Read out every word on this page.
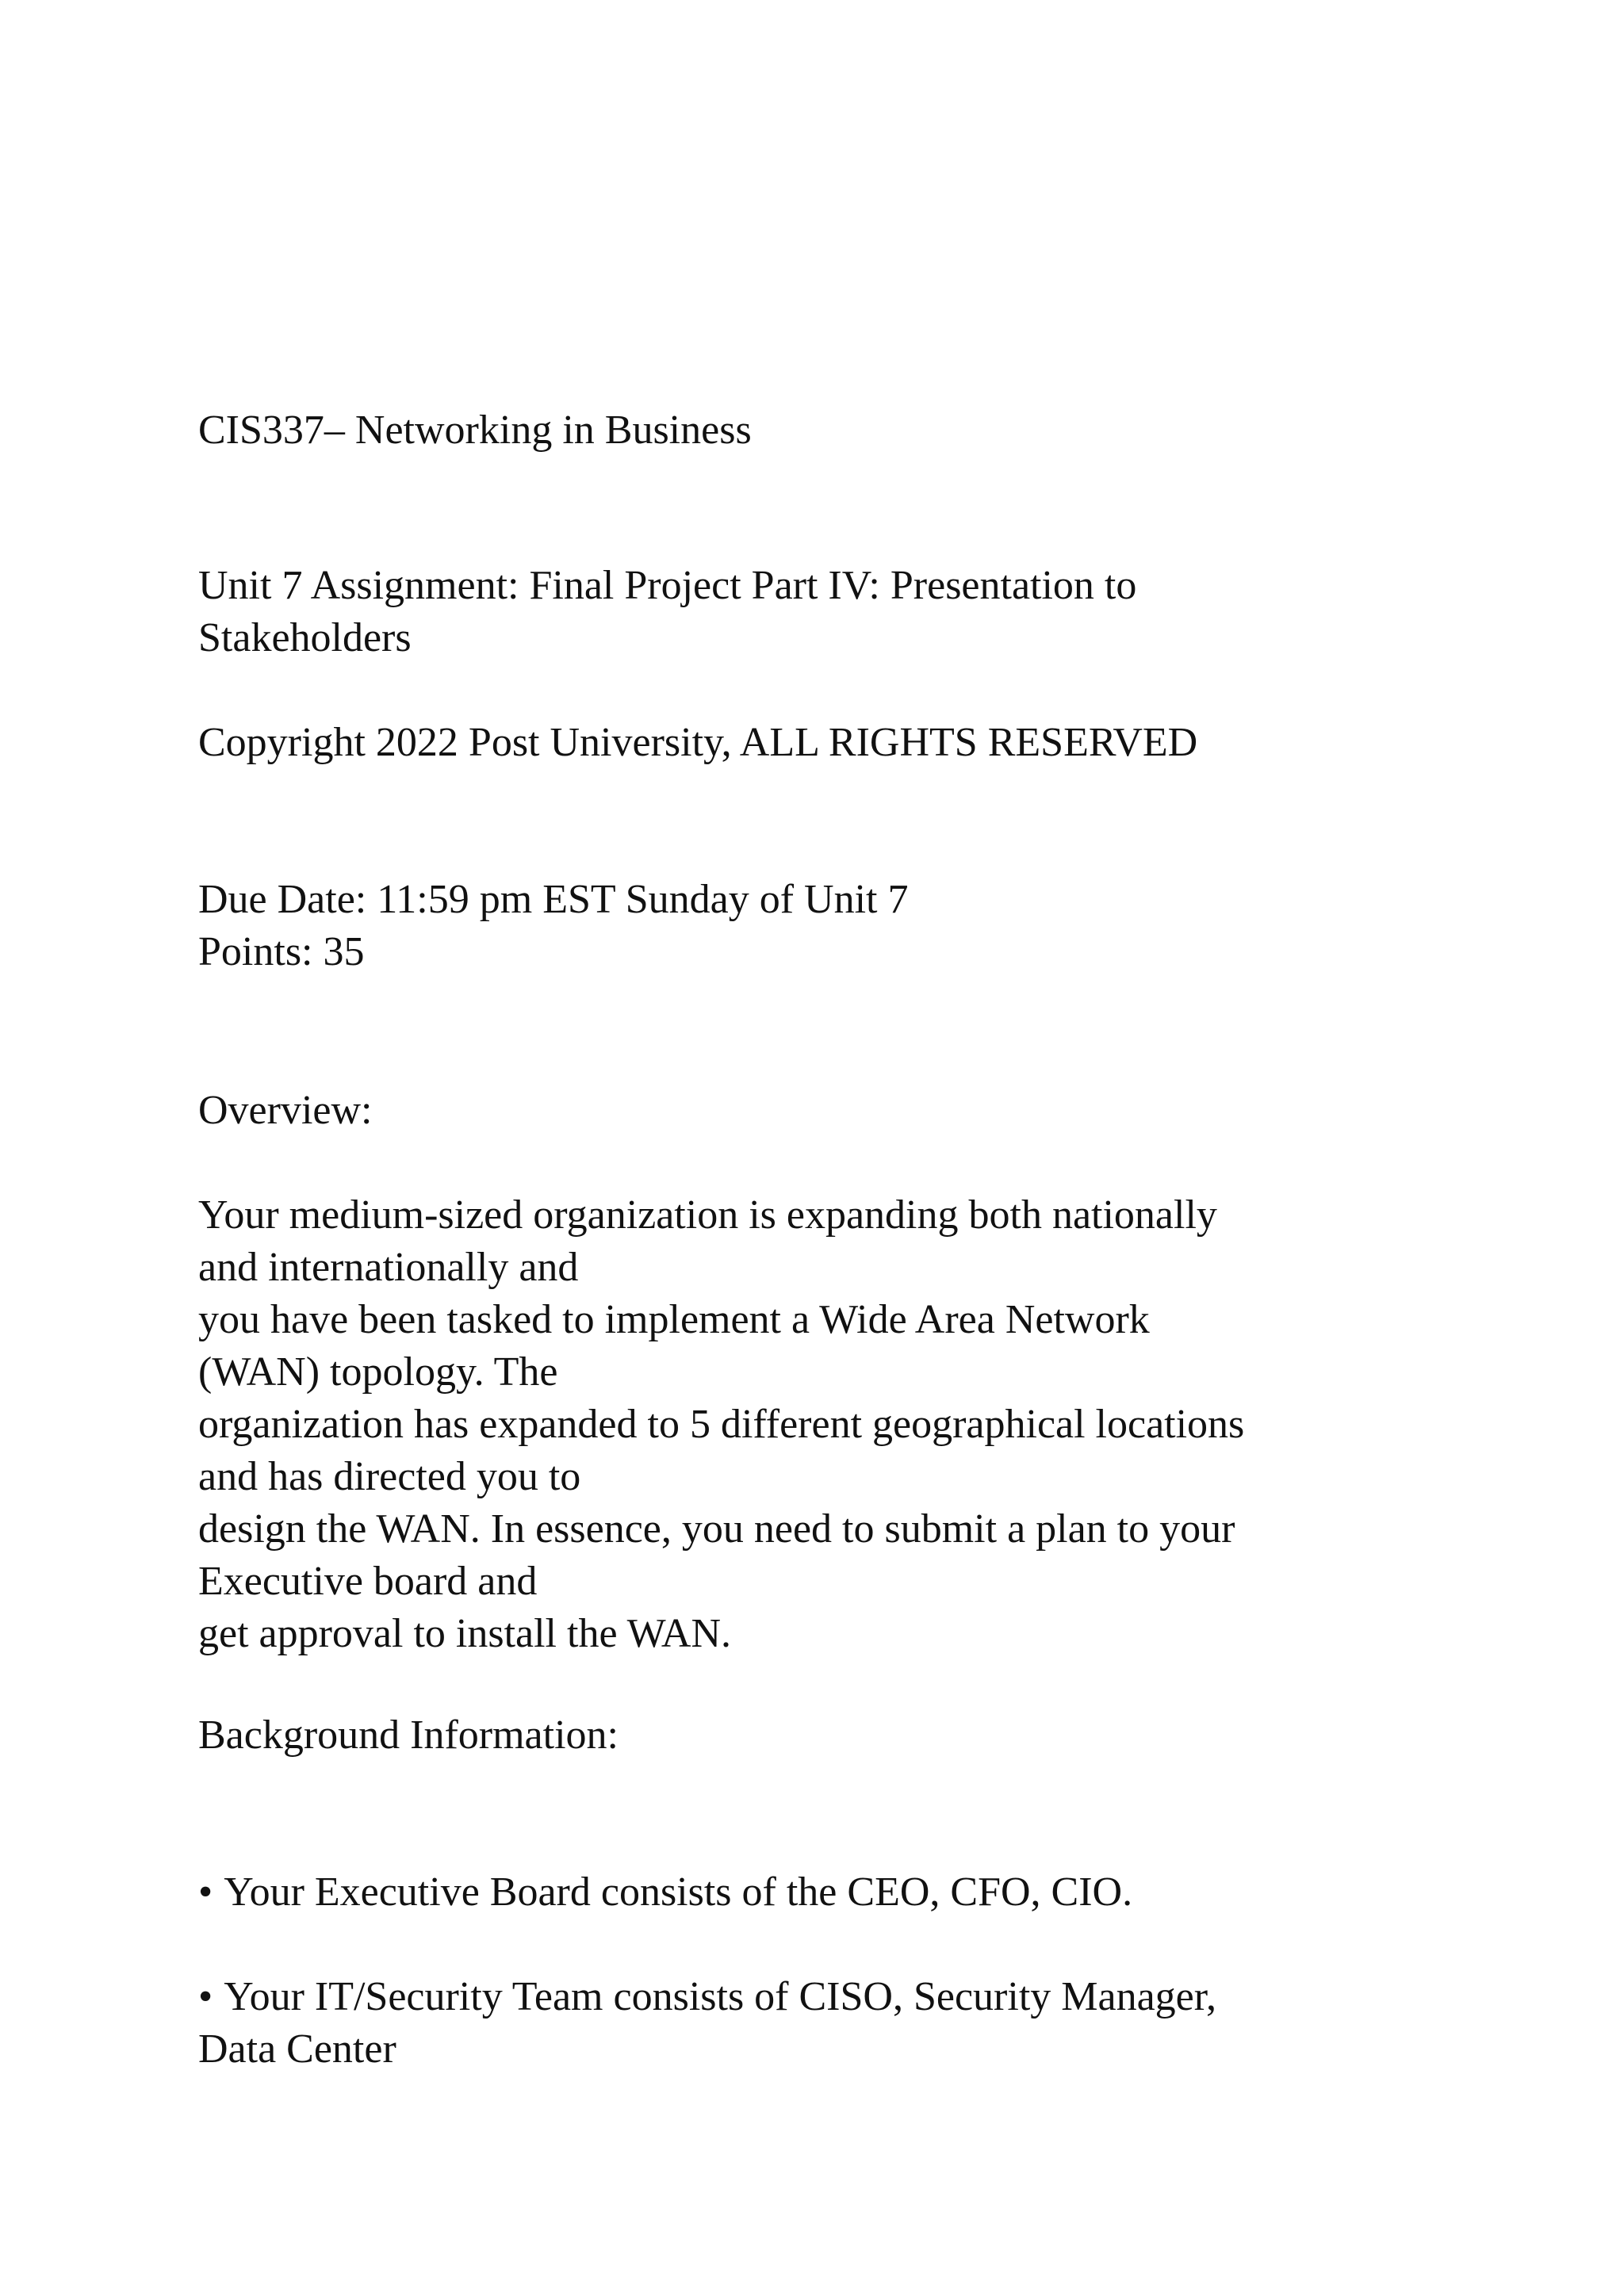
CIS337– Networking in Business
Unit 7 Assignment: Final Project Part IV: Presentation to
Stakeholders
Copyright 2022 Post University, ALL RIGHTS RESERVED
Due Date: 11:59 pm EST Sunday of Unit 7
Points: 35
Overview:
Your medium-sized organization is expanding both nationally
and internationally and
you have been tasked to implement a Wide Area Network
(WAN) topology. The
organization has expanded to 5 different geographical locations
and has directed you to
design the WAN. In essence, you need to submit a plan to your
Executive board and
get approval to install the WAN.
Background Information:
• Your Executive Board consists of the CEO, CFO, CIO.
• Your IT/Security Team consists of CISO, Security Manager,
Data Center
